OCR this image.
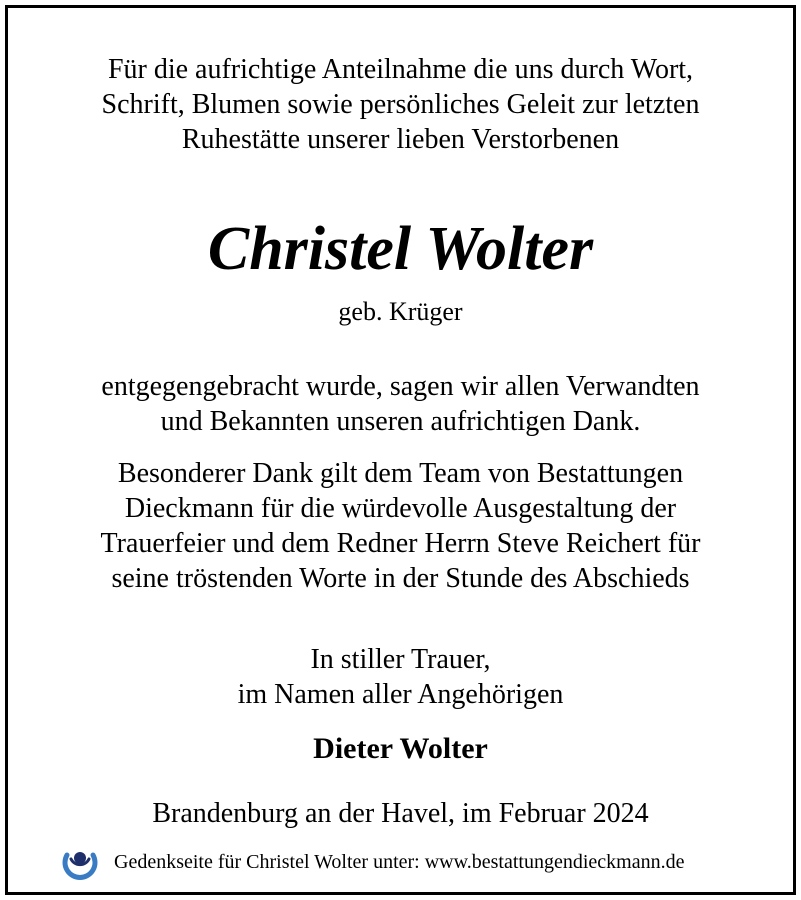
Für die aufrichtige Anteilnahme die uns durch Wort,
Schrift, Blumen sowie persönliches Geleit zur letzten
Ruhestätte unserer lieben Verstorbenen
Christel Wolter
geb. Krüger
entgegengebracht wurde, sagen wir allen Verwandten
und Bekannten unseren aufrichtigen Dank.
Besonderer Dank gilt dem Team von Bestattungen
Dieckmann für die würdevolle Ausgestaltung der
Trauerfeier und dem Redner Herrn Steve Reichert für
seine tröstenden Worte in der Stunde des Abschieds
In stiller Trauer,
im Namen aller Angehörigen
Dieter Wolter
Brandenburg an der Havel, im Februar 2024
Gedenkseite für Christel Wolter unter: www.bestattungendieckmann.de
